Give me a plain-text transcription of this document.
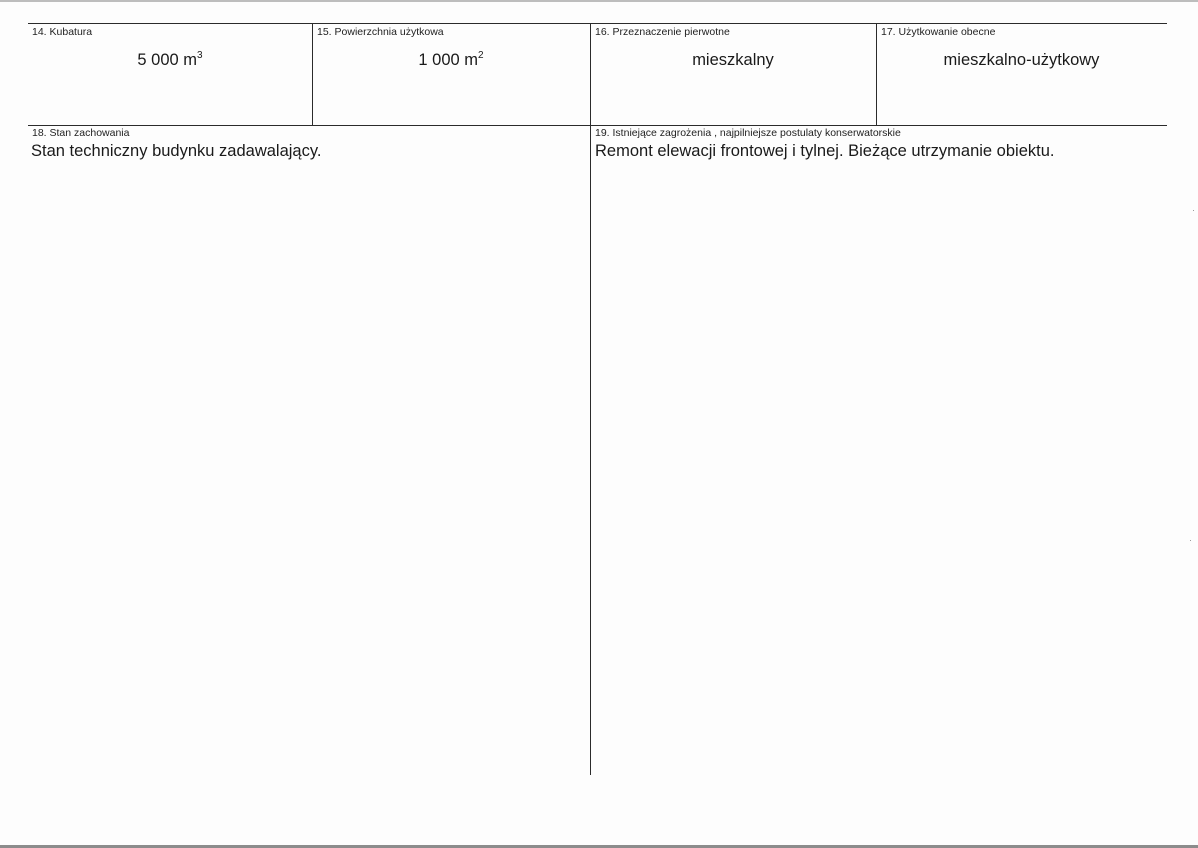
14. Kubatura
5 000 $m^3$
15. Powierzchnia użytkowa
1 000 $m^2$
16. Przeznaczenie pierwotne
mieszkalny
17. Użytkowanie obecne
mieszkalno-użytkowy
18. Stan zachowania
Stan techniczny budynku zadawalający.
19. Istniejące zagrożenia , najpilniejsze postulaty konserwatorskie
Remont elewacji frontowej i tylnej. Bieżące utrzymanie obiektu.
